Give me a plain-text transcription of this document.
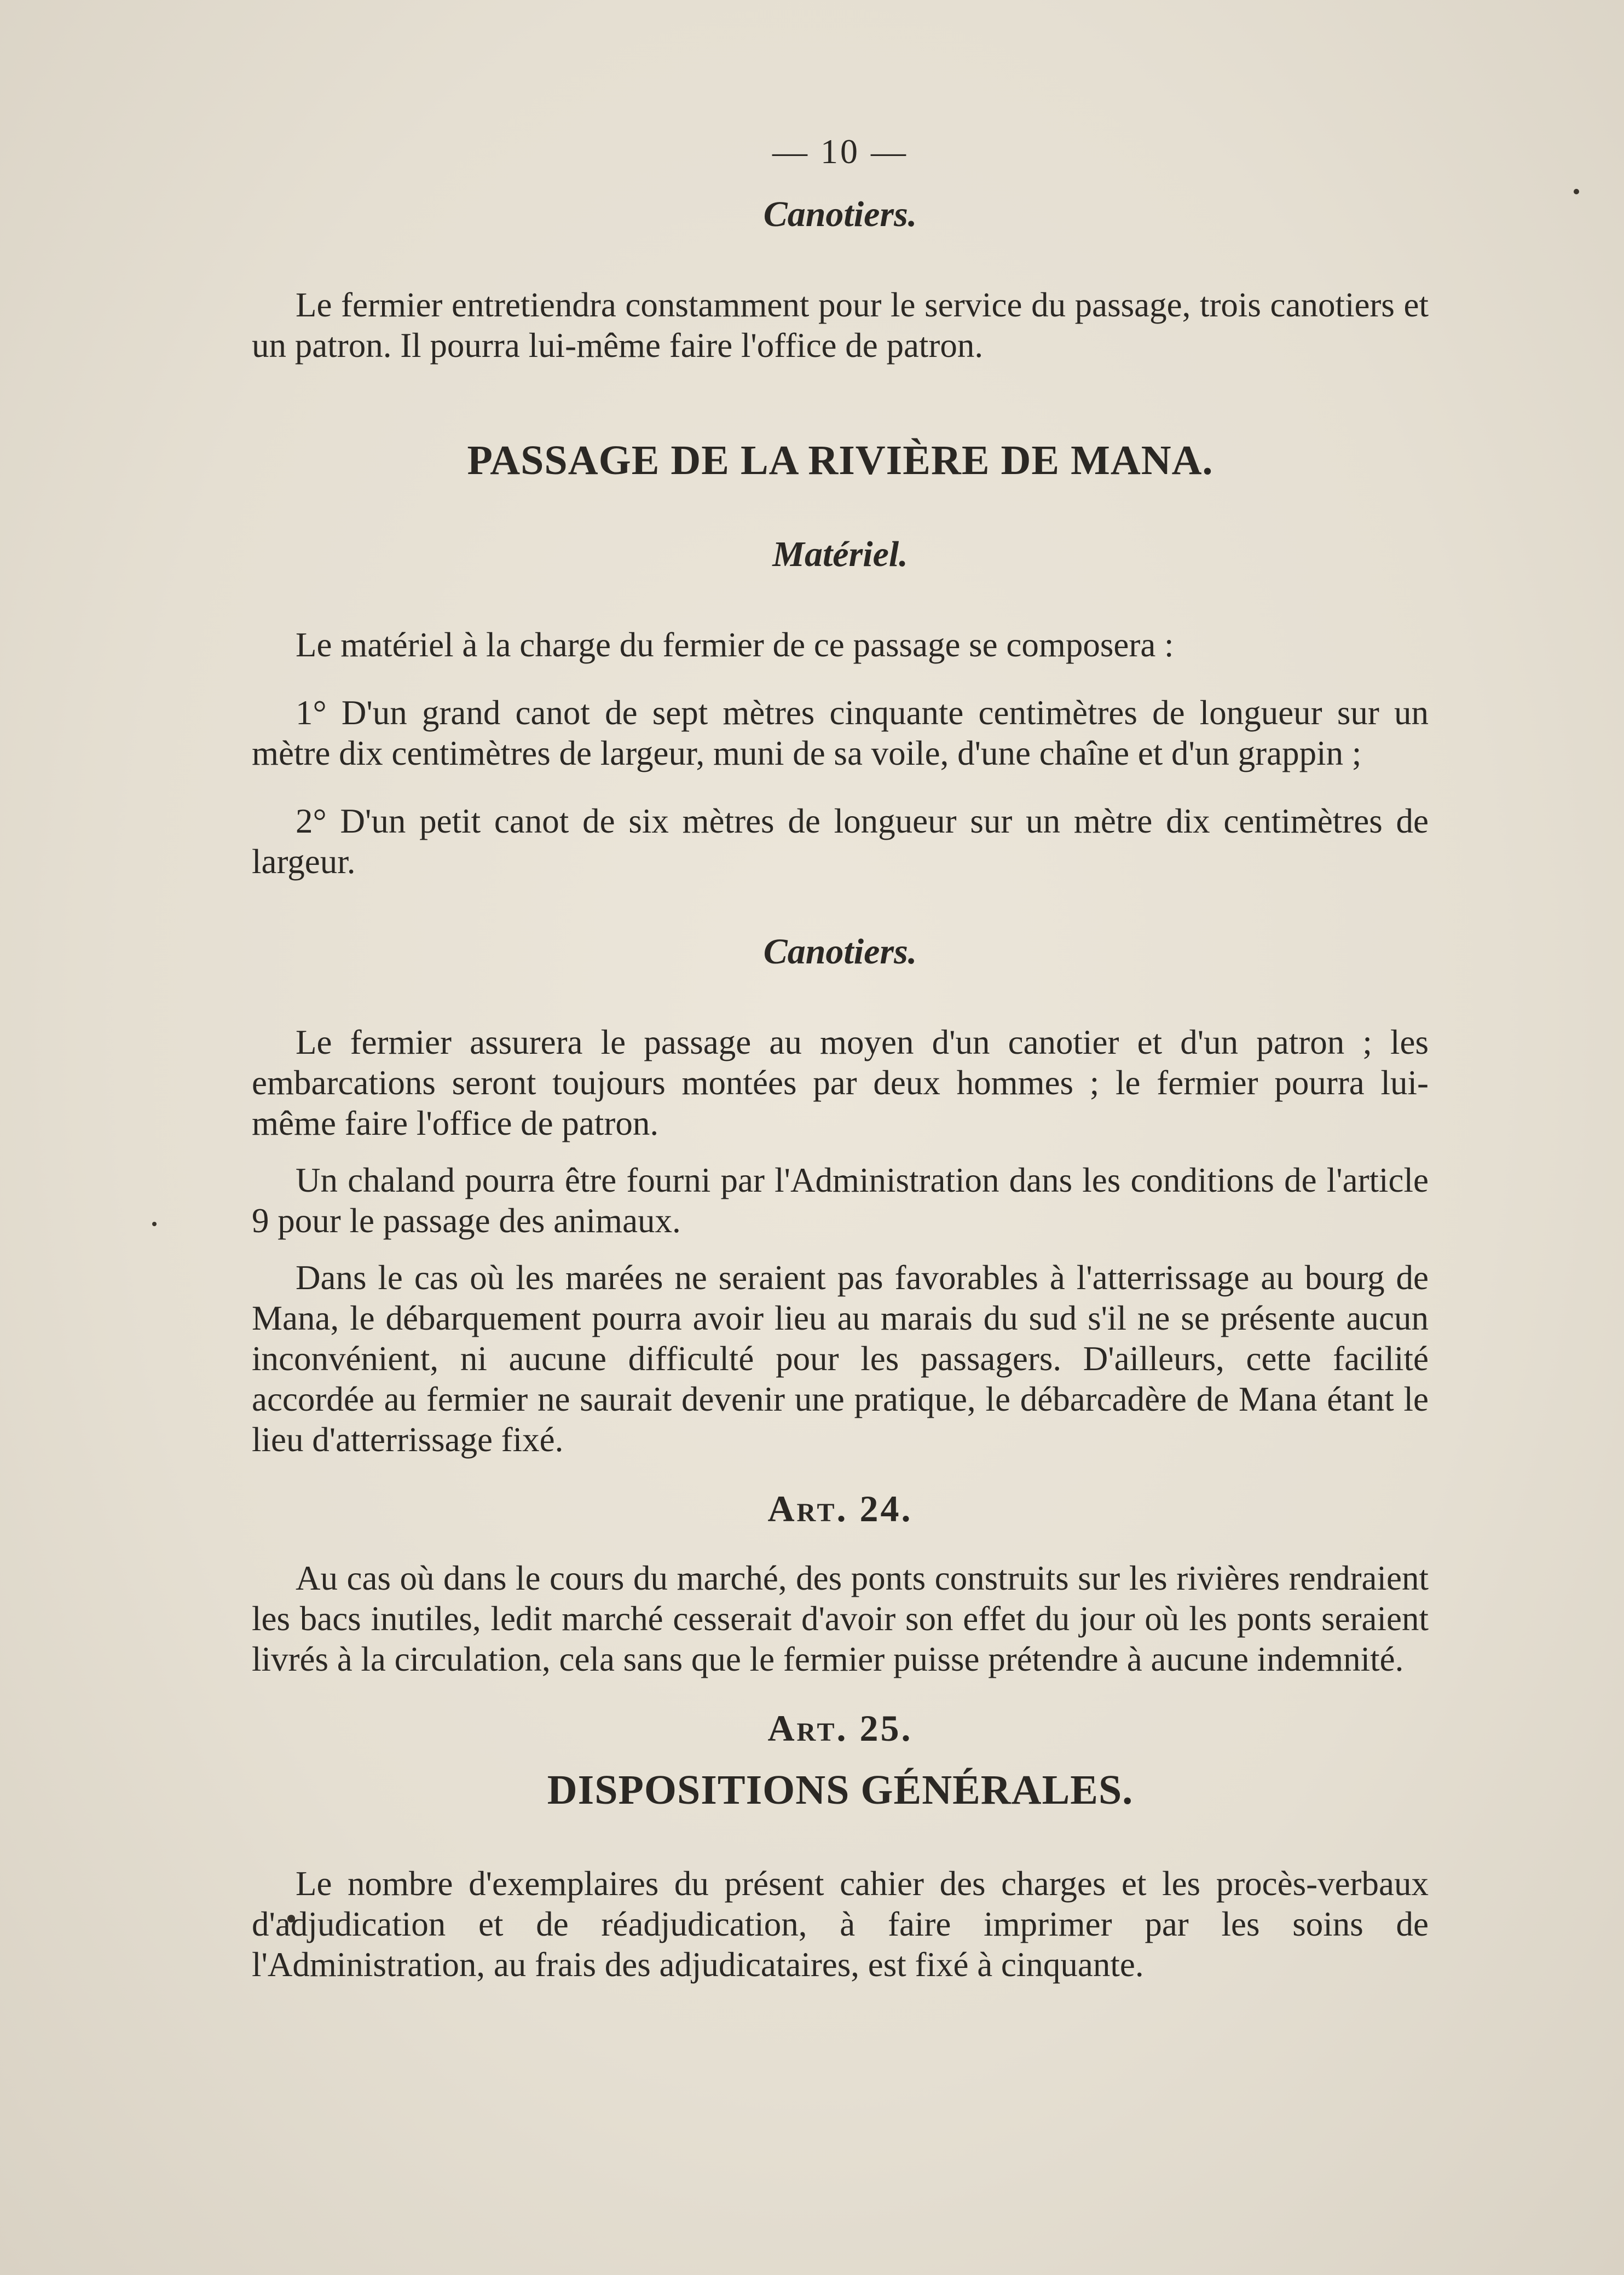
— 10 —
Canotiers.

Le fermier entretiendra constamment pour le service du passage, trois canotiers et un patron. Il pourra lui-même faire l'office de patron.

PASSAGE DE LA RIVIÈRE DE MANA.
Matériel.

Le matériel à la charge du fermier de ce passage se composera :

1° D'un grand canot de sept mètres cinquante centimètres de longueur sur un mètre dix centimètres de largeur, muni de sa voile, d'une chaîne et d'un grappin ;

2° D'un petit canot de six mètres de longueur sur un mètre dix centimètres de largeur.

Canotiers.

Le fermier assurera le passage au moyen d'un canotier et d'un patron ; les embarcations seront toujours montées par deux hommes ; le fermier pourra lui-même faire l'office de patron.

Un chaland pourra être fourni par l'Administration dans les conditions de l'article 9 pour le passage des animaux.

Dans le cas où les marées ne seraient pas favorables à l'atterrissage au bourg de Mana, le débarquement pourra avoir lieu au marais du sud s'il ne se présente aucun inconvénient, ni aucune difficulté pour les passagers. D'ailleurs, cette facilité accordée au fermier ne saurait devenir une pratique, le débarcadère de Mana étant le lieu d'atterrissage fixé.

Art. 24.

Au cas où dans le cours du marché, des ponts construits sur les rivières rendraient les bacs inutiles, ledit marché cesserait d'avoir son effet du jour où les ponts seraient livrés à la circulation, cela sans que le fermier puisse prétendre à aucune indemnité.

Art. 25.
DISPOSITIONS GÉNÉRALES.

Le nombre d'exemplaires du présent cahier des charges et les procès-verbaux d'adjudication et de réadjudication, à faire imprimer par les soins de l'Administration, au frais des adjudicataires, est fixé à cinquante.
